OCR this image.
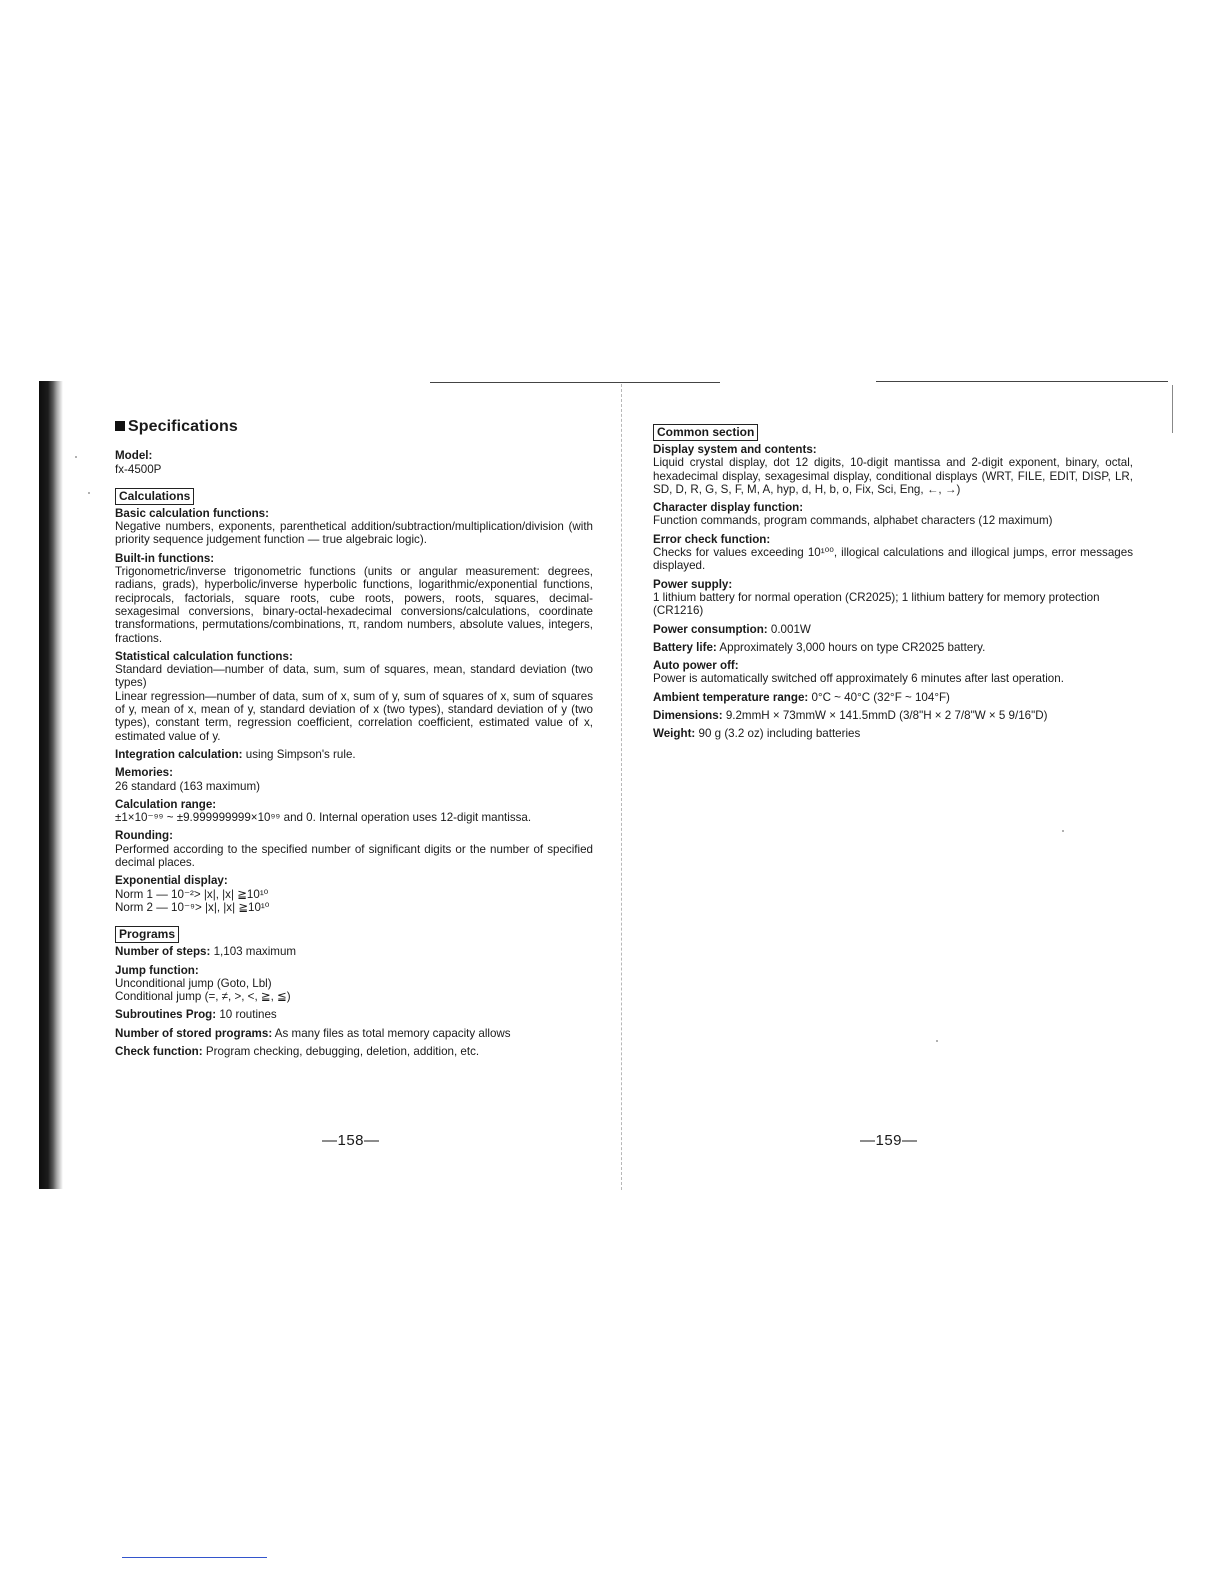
Specifications

Model:

fx-4500P

Calculations

Basic calculation functions:

Negative numbers, exponents, parenthetical addition/subtraction/multiplication/division (with priority sequence judgement function — true algebraic logic).

Built-in functions:

Trigonometric/inverse trigonometric functions (units or angular measurement: degrees, radians, grads), hyperbolic/inverse hyperbolic functions, logarithmic/exponential functions, reciprocals, factorials, square roots, cube roots, powers, roots, squares, decimal-sexagesimal conversions, binary-octal-hexadecimal conversions/calculations, coordinate transformations, permutations/combinations, π, random numbers, absolute values, integers, fractions.

Statistical calculation functions:

Standard deviation—number of data, sum, sum of squares, mean, standard deviation (two types)

Linear regression—number of data, sum of x, sum of y, sum of squares of x, sum of squares of y, mean of x, mean of y, standard deviation of x (two types), standard deviation of y (two types), constant term, regression coefficient, correlation coefficient, estimated value of x, estimated value of y.

Integration calculation: using Simpson's rule.

Memories:

26 standard (163 maximum)

Calculation range:

±1×10⁻⁹⁹ ~ ±9.999999999×10⁹⁹ and 0. Internal operation uses 12-digit mantissa.

Rounding:

Performed according to the specified number of significant digits or the number of specified decimal places.

Exponential display:

Norm 1 — 10⁻²> |x|, |x| ≧10¹⁰

Norm 2 — 10⁻⁹> |x|, |x| ≧10¹⁰

Programs

Number of steps: 1,103 maximum

Jump function:

Unconditional jump (Goto, Lbl)

Conditional jump (=, ≠, >, <, ≧, ≦)

Subroutines Prog: 10 routines

Number of stored programs: As many files as total memory capacity allows

Check function: Program checking, debugging, deletion, addition, etc.

—158—
Common section

Display system and contents:

Liquid crystal display, dot 12 digits, 10-digit mantissa and 2-digit exponent, binary, octal, hexadecimal display, sexagesimal display, conditional displays (WRT, FILE, EDIT, DISP, LR, SD, D, R, G, S, F, M, A, hyp, d, H, b, o, Fix, Sci, Eng, ←, →)

Character display function:

Function commands, program commands, alphabet characters (12 maximum)

Error check function:

Checks for values exceeding 10¹⁰⁰, illogical calculations and illogical jumps, error messages displayed.

Power supply:

1 lithium battery for normal operation (CR2025); 1 lithium battery for memory protection (CR1216)

Power consumption: 0.001W

Battery life: Approximately 3,000 hours on type CR2025 battery.

Auto power off:

Power is automatically switched off approximately 6 minutes after last operation.

Ambient temperature range: 0°C ~ 40°C (32°F ~ 104°F)

Dimensions: 9.2mmH × 73mmW × 141.5mmD (3/8"H × 2 7/8"W × 5 9/16"D)

Weight: 90 g (3.2 oz) including batteries

—159—
